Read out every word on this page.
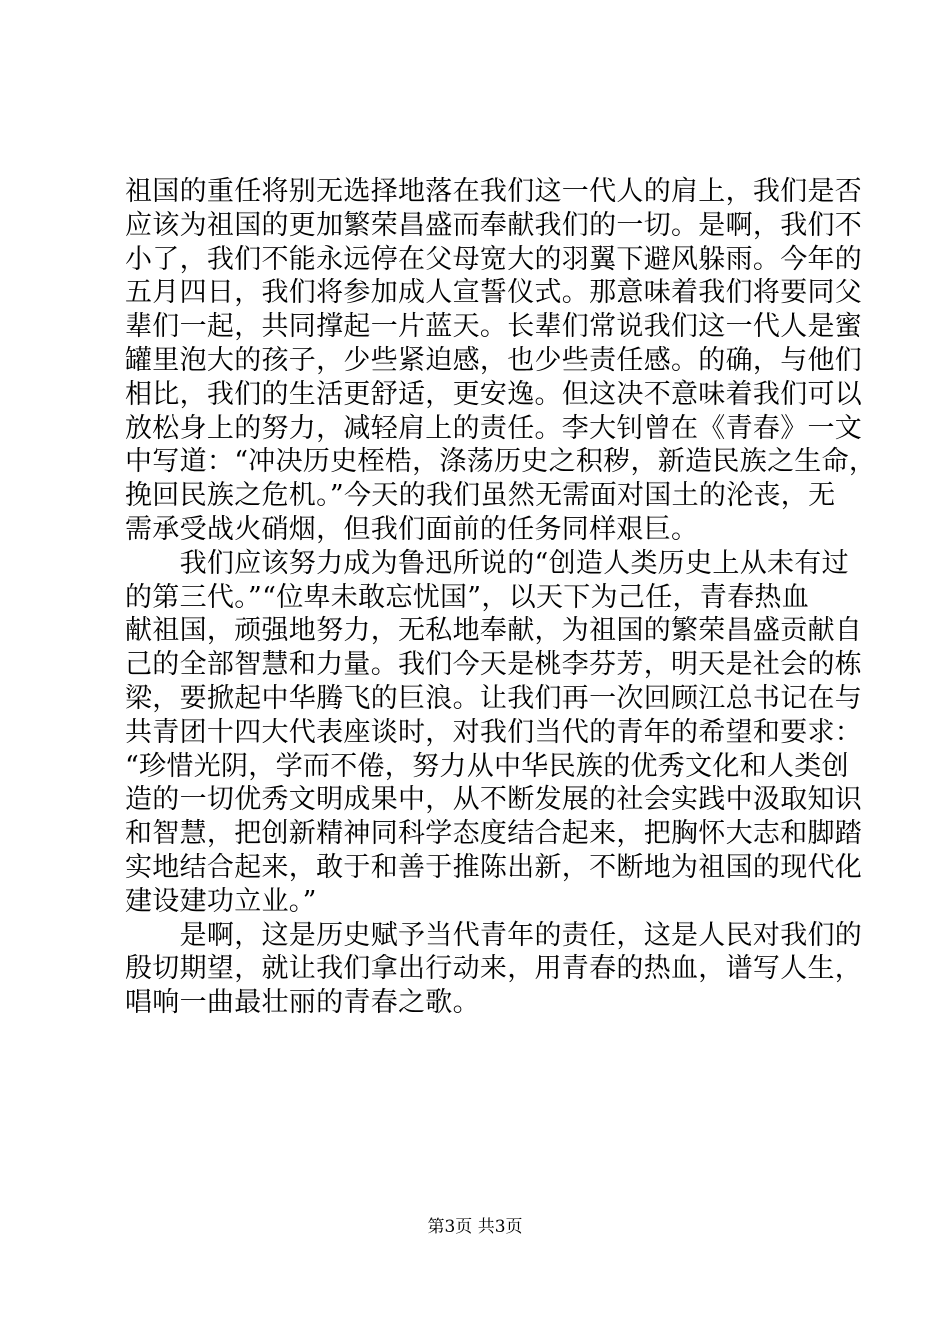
祖国的重任将别无选择地落在我们这一代人的肩上，我们是否
应该为祖国的更加繁荣昌盛而奉献我们的一切。是啊，我们不
小了，我们不能永远停在父母宽大的羽翼下避风躲雨。今年的
五月四日，我们将参加成人宣誓仪式。那意味着我们将要同父
辈们一起，共同撑起一片蓝天。长辈们常说我们这一代人是蜜
罐里泡大的孩子，少些紧迫感，也少些责任感。的确，与他们
相比，我们的生活更舒适，更安逸。但这决不意味着我们可以
放松身上的努力，减轻肩上的责任。李大钊曾在《青春》一文
中写道：“冲决历史桎梏，涤荡历史之积秽，新造民族之生命，
挽回民族之危机。”今天的我们虽然无需面对国土的沦丧，无
需承受战火硝烟，但我们面前的任务同样艰巨。
　　我们应该努力成为鲁迅所说的“创造人类历史上从未有过
的第三代。”“位卑未敢忘忧国”，以天下为己任，青春热血
献祖国，顽强地努力，无私地奉献，为祖国的繁荣昌盛贡献自
己的全部智慧和力量。我们今天是桃李芬芳，明天是社会的栋
梁，要掀起中华腾飞的巨浪。让我们再一次回顾江总书记在与
共青团十四大代表座谈时，对我们当代的青年的希望和要求：
“珍惜光阴，学而不倦，努力从中华民族的优秀文化和人类创
造的一切优秀文明成果中，从不断发展的社会实践中汲取知识
和智慧，把创新精神同科学态度结合起来，把胸怀大志和脚踏
实地结合起来，敢于和善于推陈出新，不断地为祖国的现代化
建设建功立业。”
　　是啊，这是历史赋予当代青年的责任，这是人民对我们的
殷切期望，就让我们拿出行动来，用青春的热血，谱写人生，
唱响一曲最壮丽的青春之歌。
第3页 共3页
